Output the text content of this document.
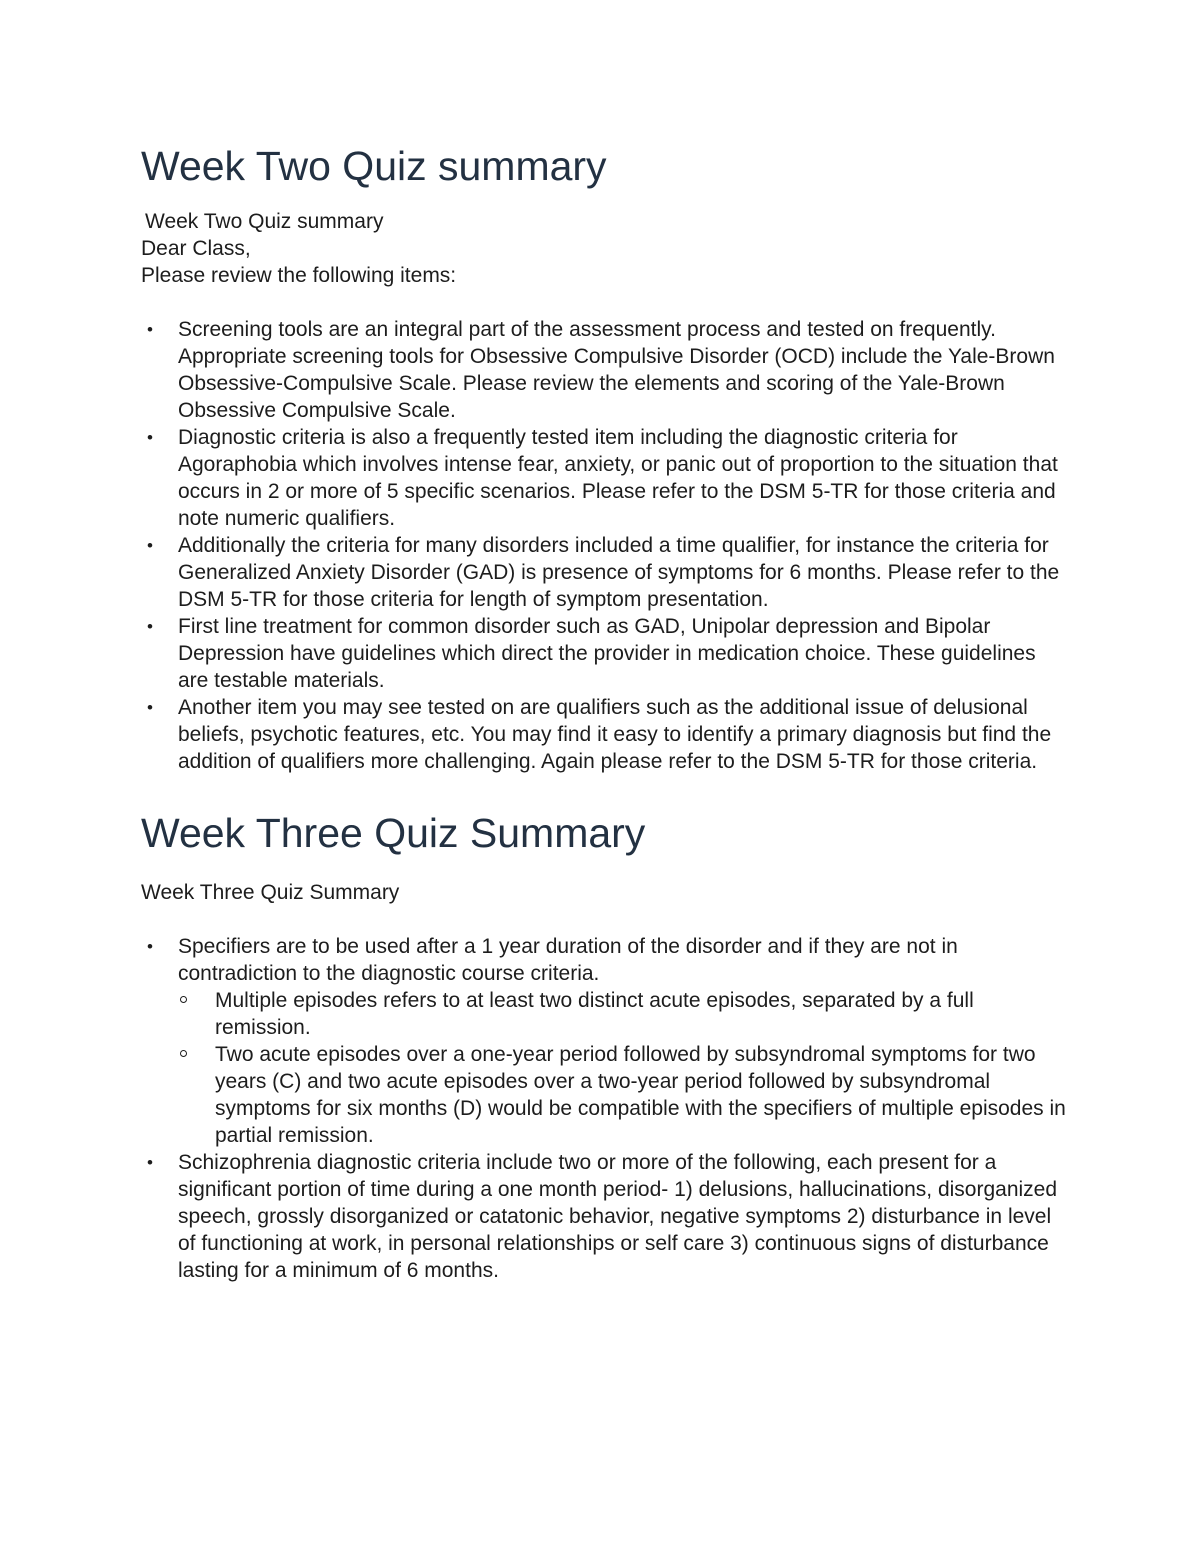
Week Two Quiz summary

Week Two Quiz summary

Dear Class,

Please review the following items:

• Screening tools are an integral part of the assessment process and tested on frequently. Appropriate screening tools for Obsessive Compulsive Disorder (OCD) include the Yale-Brown Obsessive-Compulsive Scale. Please review the elements and scoring of the Yale-Brown Obsessive Compulsive Scale.
• Diagnostic criteria is also a frequently tested item including the diagnostic criteria for Agoraphobia which involves intense fear, anxiety, or panic out of proportion to the situation that occurs in 2 or more of 5 specific scenarios. Please refer to the DSM 5-TR for those criteria and note numeric qualifiers.
• Additionally the criteria for many disorders included a time qualifier, for instance the criteria for Generalized Anxiety Disorder (GAD) is presence of symptoms for 6 months. Please refer to the DSM 5-TR for those criteria for length of symptom presentation.
• First line treatment for common disorder such as GAD, Unipolar depression and Bipolar Depression have guidelines which direct the provider in medication choice. These guidelines are testable materials.
• Another item you may see tested on are qualifiers such as the additional issue of delusional beliefs, psychotic features, etc. You may find it easy to identify a primary diagnosis but find the addition of qualifiers more challenging. Again please refer to the DSM 5-TR for those criteria.
Week Three Quiz Summary

Week Three Quiz Summary

• Specifiers are to be used after a 1 year duration of the disorder and if they are not in contradiction to the diagnostic course criteria.
Multiple episodes refers to at least two distinct acute episodes, separated by a full remission.
Two acute episodes over a one-year period followed by subsyndromal symptoms for two years (C) and two acute episodes over a two-year period followed by subsyndromal symptoms for six months (D) would be compatible with the specifiers of multiple episodes in partial remission.
• Schizophrenia diagnostic criteria include two or more of the following, each present for a significant portion of time during a one month period- 1) delusions, hallucinations, disorganized speech, grossly disorganized or catatonic behavior, negative symptoms 2) disturbance in level of functioning at work, in personal relationships or self care 3) continuous signs of disturbance lasting for a minimum of 6 months.
